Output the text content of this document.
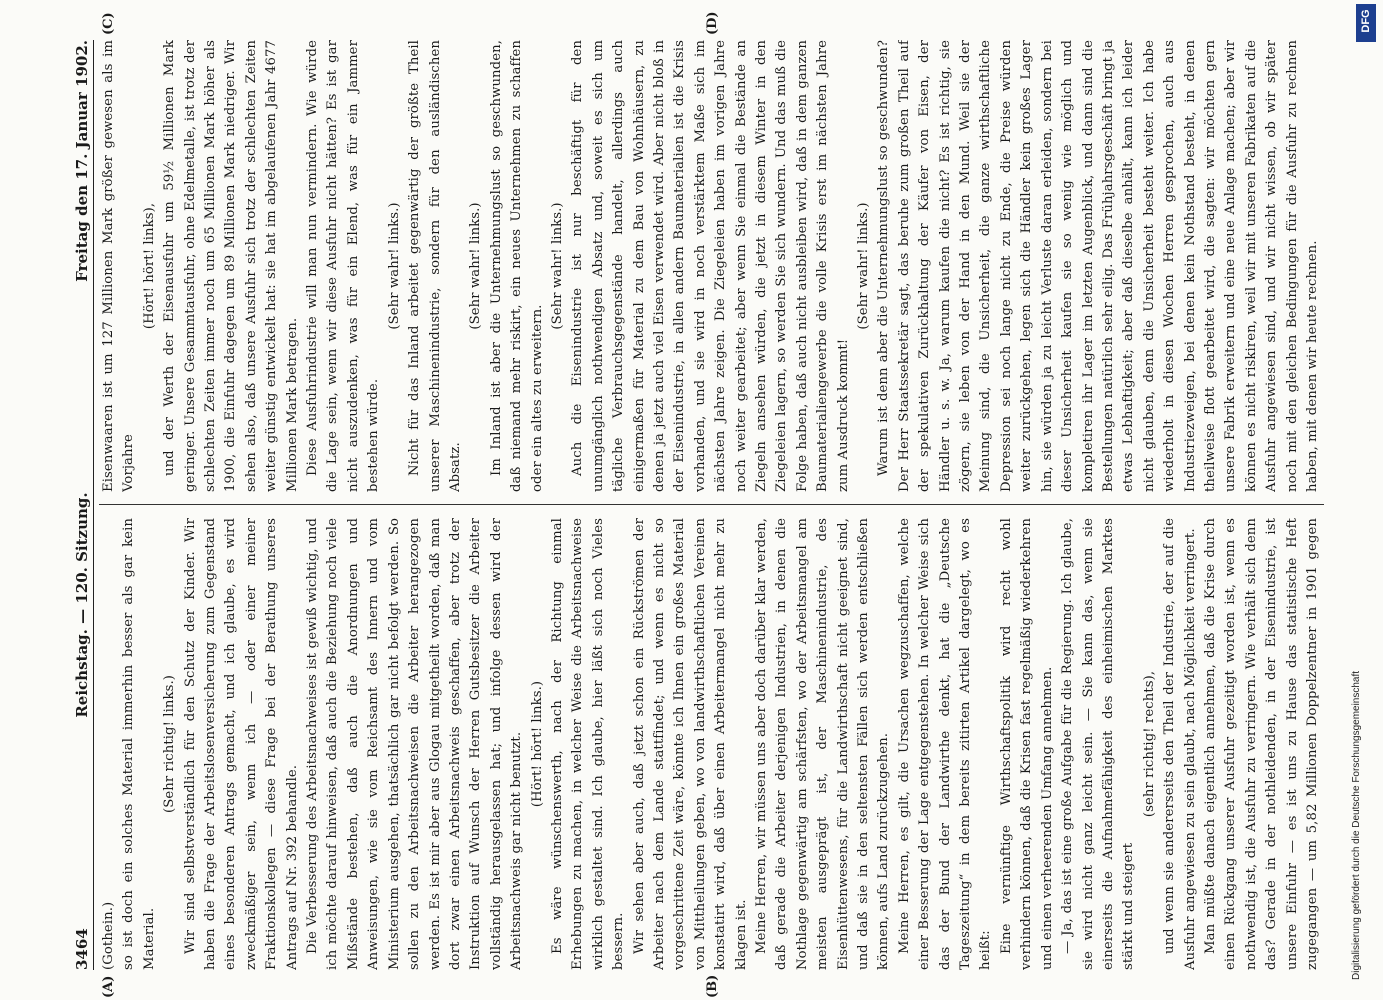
3464
Reichstag. — 120. Sitzung.
Freitag den 17. Januar 1902.

(Gothein.) so ist doch ein solches Material immerhin besser als gar kein Material.

(Sehr richtig! links.) Wir sind selbstverständlich für den Schutz der Kinder. Wir haben die Frage der Arbeitslosenversicherung zum Gegenstand eines besonderen Antrags gemacht, und ich glaube, es wird zweckmäßiger sein, wenn ich — oder einer meiner Fraktionskollegen — diese Frage bei der Berathung unseres Antrags auf Nr. 392 behandle. Die Verbesserung des Arbeitsnachweises ist gewiß wichtig, und ich möchte darauf hinweisen, daß auch die Beziehung noch viele Mißstände bestehen, daß auch die Anordnungen und Anweisungen, wie sie vom Reichsamt des Innern und vom Ministerium ausgehen, thatsächlich gar nicht befolgt werden. So sollen zu den Arbeitsnachweisen die Arbeiter herangezogen werden. Es ist mir aber aus Glogau mitgetheilt worden, daß man dort zwar einen Arbeitsnachweis geschaffen, aber trotz der Instruktion auf Wunsch der Herren Gutsbesitzer die Arbeiter vollständig herausgelassen hat; und infolge dessen wird der Arbeitsnachweis gar nicht benutzt. (Hört! hört! links.) Es wäre wünschenswerth, nach der Richtung einmal Erhebungen zu machen, in welcher Weise die Arbeitsnachweise wirklich gestaltet sind. Ich glaube, hier läßt sich noch Vieles bessern. Wir sehen aber auch, daß jetzt schon ein Rückströmen der Arbeiter nach dem Lande stattfindet; und wenn es nicht so vorgeschrittene Zeit wäre, könnte ich Ihnen ein großes Material von Mittheilungen geben, wo von landwirthschaftlichen Vereinen konstatirt wird, daß über einen Arbeitermangel nicht mehr zu klagen ist. Meine Herren, wir müssen uns aber doch darüber klar werden, daß gerade die Arbeiter derjenigen Industrien, in denen die Nothlage gegenwärtig am schärfsten, wo der Arbeitsmangel am meisten ausgeprägt ist, der Maschinenindustrie, des Eisenhüttenwesens, für die Landwirthschaft nicht geeignet sind, und daß sie in den seltensten Fällen sich werden entschließen können, aufs Land zurückzugehen. Meine Herren, es gilt, die Ursachen wegzuschaffen, welche einer Besserung der Lage entgegenstehen. In welcher Weise sich das der Bund der Landwirthe denkt, hat die „Deutsche Tageszeitung“ in dem bereits zitirten Artikel dargelegt, wo es heißt: Eine vernünftige Wirthschaftspolitik wird recht wohl verhindern können, daß die Krisen fast regelmäßig wiederkehren und einen verheerenden Umfang annehmen. — Ja, das ist eine große Aufgabe für die Regierung. Ich glaube, sie wird nicht ganz leicht sein. — Sie kann das, wenn sie einerseits die Aufnahmefähigkeit des einheimischen Marktes stärkt und steigert

(sehr richtig! rechts), und wenn sie andererseits den Theil der Industrie, der auf die Ausfuhr angewiesen zu sein glaubt, nach Möglichkeit verringert. Man müßte danach eigentlich annehmen, daß die Krise durch einen Rückgang unserer Ausfuhr gezeitigt worden ist, wenn es nothwendig ist, die Ausfuhr zu verringern. Wie verhält sich denn das? Gerade in der nothleidenden, in der Eisenindustrie, ist unsere Einfuhr — es ist uns zu Hause das statistische Heft zugegangen — um 5,82 Millionen Doppelzentner in 1901 gegen

Eisenwaaren ist um 127 Millionen Mark größer gewesen als im Vorjahre

(Hört! hört! links), und der Werth der Eisenausfuhr um 59½ Millionen Mark geringer. Unsere Gesammtausfuhr, ohne Edelmetalle, ist trotz der schlechten Zeiten immer noch um 65 Millionen Mark höher als 1900, die Einfuhr dagegen um 89 Millionen Mark niedriger. Wir sehen also, daß unsere Ausfuhr sich trotz der schlechten Zeiten weiter günstig entwickelt hat: sie hat im abgelaufenen Jahr 4677 Millionen Mark betragen. Diese Ausfuhrindustrie will man nun vermindern. Wie würde die Lage sein, wenn wir diese Ausfuhr nicht hätten? Es ist gar nicht auszudenken, was für ein Elend, was für ein Jammer bestehen würde.

(Sehr wahr! links.) Nicht für das Inland arbeitet gegenwärtig der größte Theil unserer Maschinenindustrie, sondern für den ausländischen Absatz.

(Sehr wahr! links.) Im Inland ist aber die Unternehmungslust so geschwunden, daß niemand mehr riskirt, ein neues Unternehmen zu schaffen oder ein altes zu erweitern.

(Sehr wahr! links.) Auch die Eisenindustrie ist nur beschäftigt für den unumgänglich nothwendigen Absatz und, soweit es sich um tägliche Verbrauchsgegenstände handelt, allerdings auch einigermaßen für Material zu dem Bau von Wohnhäusern, zu denen ja jetzt auch viel Eisen verwendet wird. Aber nicht bloß in der Eisenindustrie, in allen andern Baumaterialien ist die Krisis vorhanden, und sie wird in noch verstärktem Maße sich im nächsten Jahre zeigen. Die Ziegeleien haben im vorigen Jahre noch weiter gearbeitet; aber wenn Sie einmal die Bestände an Ziegeln ansehen würden, die jetzt in diesem Winter in den Ziegeleien lagern, so werden Sie sich wundern. Und das muß die Folge haben, daß auch nicht ausbleiben wird, daß in dem ganzen Baumaterialiengewerbe die volle Krisis erst im nächsten Jahre zum Ausdruck kommt!

(Sehr wahr! links.) Warum ist denn aber die Unternehmungslust so geschwunden? Der Herr Staatssekretär sagt, das beruhe zum großen Theil auf der spekulativen Zurückhaltung der Käufer von Eisen, der Händler u. s. w. Ja, warum kaufen die nicht? Es ist richtig, sie zögern, sie leben von der Hand in den Mund. Weil sie der Meinung sind, die Unsicherheit, die ganze wirthschaftliche Depression sei noch lange nicht zu Ende, die Preise würden weiter zurückgehen, legen sich die Händler kein großes Lager hin, sie würden ja zu leicht Verluste daran erleiden, sondern bei dieser Unsicherheit kaufen sie so wenig wie möglich und kompletiren ihr Lager im letzten Augenblick, und dann sind die Bestellungen natürlich sehr eilig. Das Frühjahrsgeschäft bringt ja etwas Lebhaftigkeit; aber daß dieselbe anhält, kann ich leider nicht glauben, denn die Unsicherheit besteht weiter. Ich habe wiederholt in diesen Wochen Herren gesprochen, auch aus Industriezweigen, bei denen kein Nothstand besteht, in denen theilweise flott gearbeitet wird, die sagten: wir möchten gern unsere Fabrik erweitern und eine neue Anlage machen; aber wir können es nicht riskiren, weil wir mit unseren Fabrikaten auf die Ausfuhr angewiesen sind, und wir nicht wissen, ob wir später noch mit den gleichen Bedingungen für die Ausfuhr zu rechnen haben, mit denen wir heute rechnen.

(A)	(B)
(C)	(D)
Digitalisierung gefördert durch die Deutsche Forschungsgemeinschaft
DFG
